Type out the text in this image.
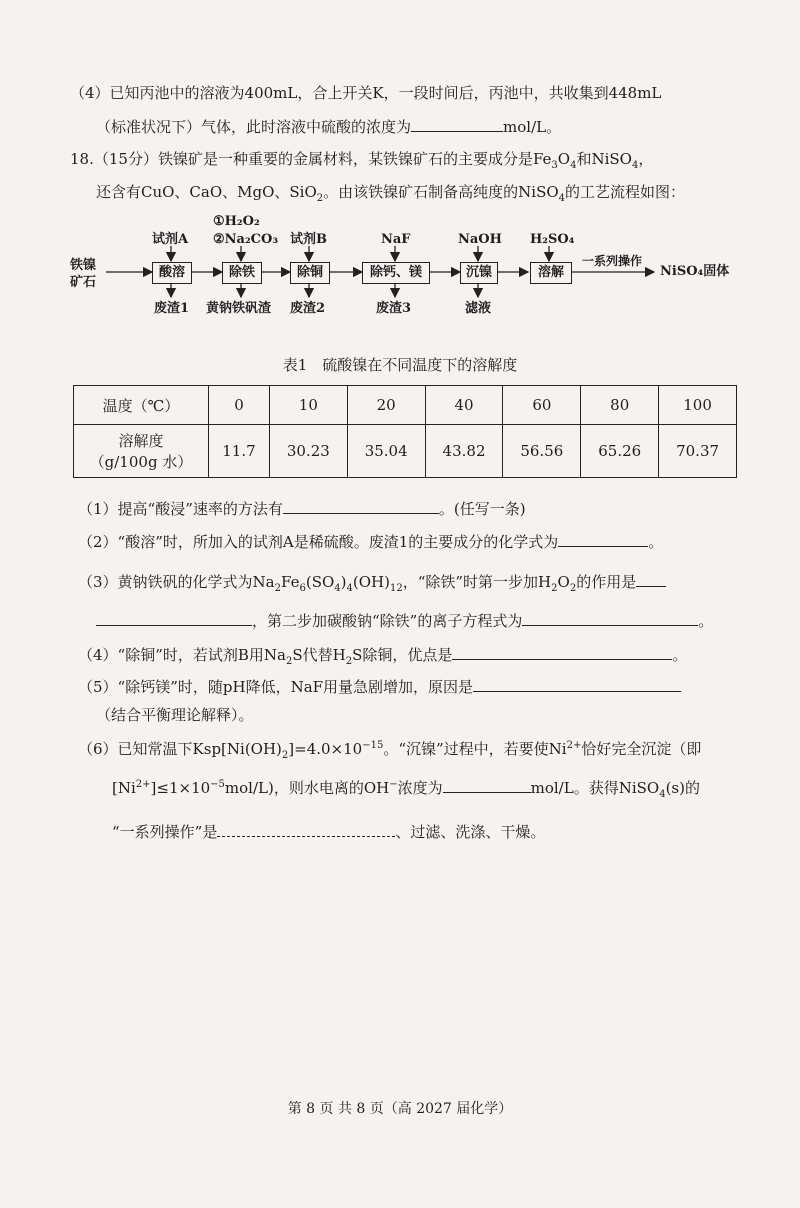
（4）已知丙池中的溶液为400mL，合上开关K，一段时间后，丙池中，共收集到448mL
（标准状况下）气体，此时溶液中硫酸的浓度为	mol/L。
18.（15分）铁镍矿是一种重要的金属材料，某铁镍矿石的主要成分是$Fe_3O_4$和NiSO$_4$，
还含有CuO、CaO、MgO、SiO$_2$。由该铁镍矿石制备高纯度的NiSO$_4$的工艺流程如图：
铁镍
矿石
试剂A
①H₂O₂
②Na₂CO₃ 试剂B	NaF	NaOH H₂SO₄
酸溶	除铁	除铜	除钙、镁	沉镍	溶解
一系列操作
NiSO₄固体
废渣1 黄钠铁矾渣 废渣2	废渣3	滤液
表1　硫酸镍在不同温度下的溶解度
温度（℃）	0	10	20	40	60	80	100

溶解度
（g/100g 水）	11.7	30.23	35.04	43.82	56.56	65.26	70.37
（1）提高“酸浸”速率的方法有	。(任写一条)
（2）“酸溶”时，所加入的试剂A是稀硫酸。废渣1的主要成分的化学式为	。
（3）黄钠铁矾的化学式为$Na_2Fe_6(SO_4)_4(OH)_{12}$，“除铁”时第一步加$H_2O_2$的作用是
，第二步加碳酸钠“除铁”的离子方程式为	。
（4）“除铜”时，若试剂B用$Na_2S$代替$H_2S$除铜，优点是	。
（5）“除钙镁”时，随pH降低，NaF用量急剧增加，原因是
（结合平衡理论解释）。
（6）已知常温下$Ksp[Ni(OH)_2]=4.0\times 10^{-15}$。“沉镍”过程中，若要使$Ni^{2+}$恰好完全沉淀（即
$[Ni^{2+}]\le 1\times 10^{-5}mol/L$)，则水电离的OH−浓度为	mol/L。获得NiSO$_4$(s)的
“一系列操作”是	、过滤、洗涤、干燥。
第 8 页 共 8 页（高 2027 届化学）
